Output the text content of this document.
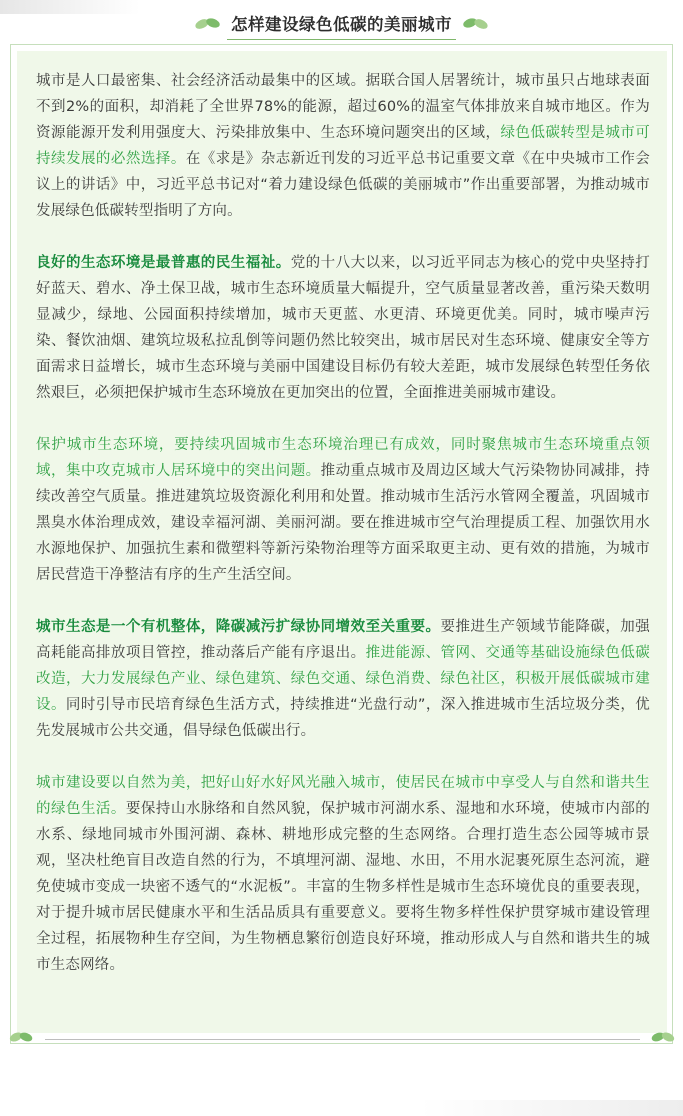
怎样建设绿色低碳的美丽城市

城市是人口最密集、社会经济活动最集中的区域。据联合国人居署统计，城市虽只占地球表面不到2%的面积，却消耗了全世界78%的能源，超过60%的温室气体排放来自城市地区。作为资源能源开发利用强度大、污染排放集中、生态环境问题突出的区域，绿色低碳转型是城市可持续发展的必然选择。在《求是》杂志新近刊发的习近平总书记重要文章《在中央城市工作会议上的讲话》中，习近平总书记对“着力建设绿色低碳的美丽城市”作出重要部署，为推动城市发展绿色低碳转型指明了方向。

良好的生态环境是最普惠的民生福祉。党的十八大以来，以习近平同志为核心的党中央坚持打好蓝天、碧水、净土保卫战，城市生态环境质量大幅提升，空气质量显著改善，重污染天数明显减少，绿地、公园面积持续增加，城市天更蓝、水更清、环境更优美。同时，城市噪声污染、餐饮油烟、建筑垃圾私拉乱倒等问题仍然比较突出，城市居民对生态环境、健康安全等方面需求日益增长，城市生态环境与美丽中国建设目标仍有较大差距，城市发展绿色转型任务依然艰巨，必须把保护城市生态环境放在更加突出的位置，全面推进美丽城市建设。

保护城市生态环境，要持续巩固城市生态环境治理已有成效，同时聚焦城市生态环境重点领域，集中攻克城市人居环境中的突出问题。推动重点城市及周边区域大气污染物协同减排，持续改善空气质量。推进建筑垃圾资源化利用和处置。推动城市生活污水管网全覆盖，巩固城市黑臭水体治理成效，建设幸福河湖、美丽河湖。要在推进城市空气治理提质工程、加强饮用水水源地保护、加强抗生素和微塑料等新污染物治理等方面采取更主动、更有效的措施，为城市居民营造干净整洁有序的生产生活空间。

城市生态是一个有机整体，降碳减污扩绿协同增效至关重要。要推进生产领域节能降碳，加强高耗能高排放项目管控，推动落后产能有序退出。推进能源、管网、交通等基础设施绿色低碳改造，大力发展绿色产业、绿色建筑、绿色交通、绿色消费、绿色社区，积极开展低碳城市建设。同时引导市民培育绿色生活方式，持续推进“光盘行动”，深入推进城市生活垃圾分类，优先发展城市公共交通，倡导绿色低碳出行。

城市建设要以自然为美，把好山好水好风光融入城市，使居民在城市中享受人与自然和谐共生的绿色生活。要保持山水脉络和自然风貌，保护城市河湖水系、湿地和水环境，使城市内部的水系、绿地同城市外围河湖、森林、耕地形成完整的生态网络。合理打造生态公园等城市景观，坚决杜绝盲目改造自然的行为，不填埋河湖、湿地、水田，不用水泥裹死原生态河流，避免使城市变成一块密不透气的“水泥板”。丰富的生物多样性是城市生态环境优良的重要表现，对于提升城市居民健康水平和生活品质具有重要意义。要将生物多样性保护贯穿城市建设管理全过程，拓展物种生存空间，为生物栖息繁衍创造良好环境，推动形成人与自然和谐共生的城市生态网络。
